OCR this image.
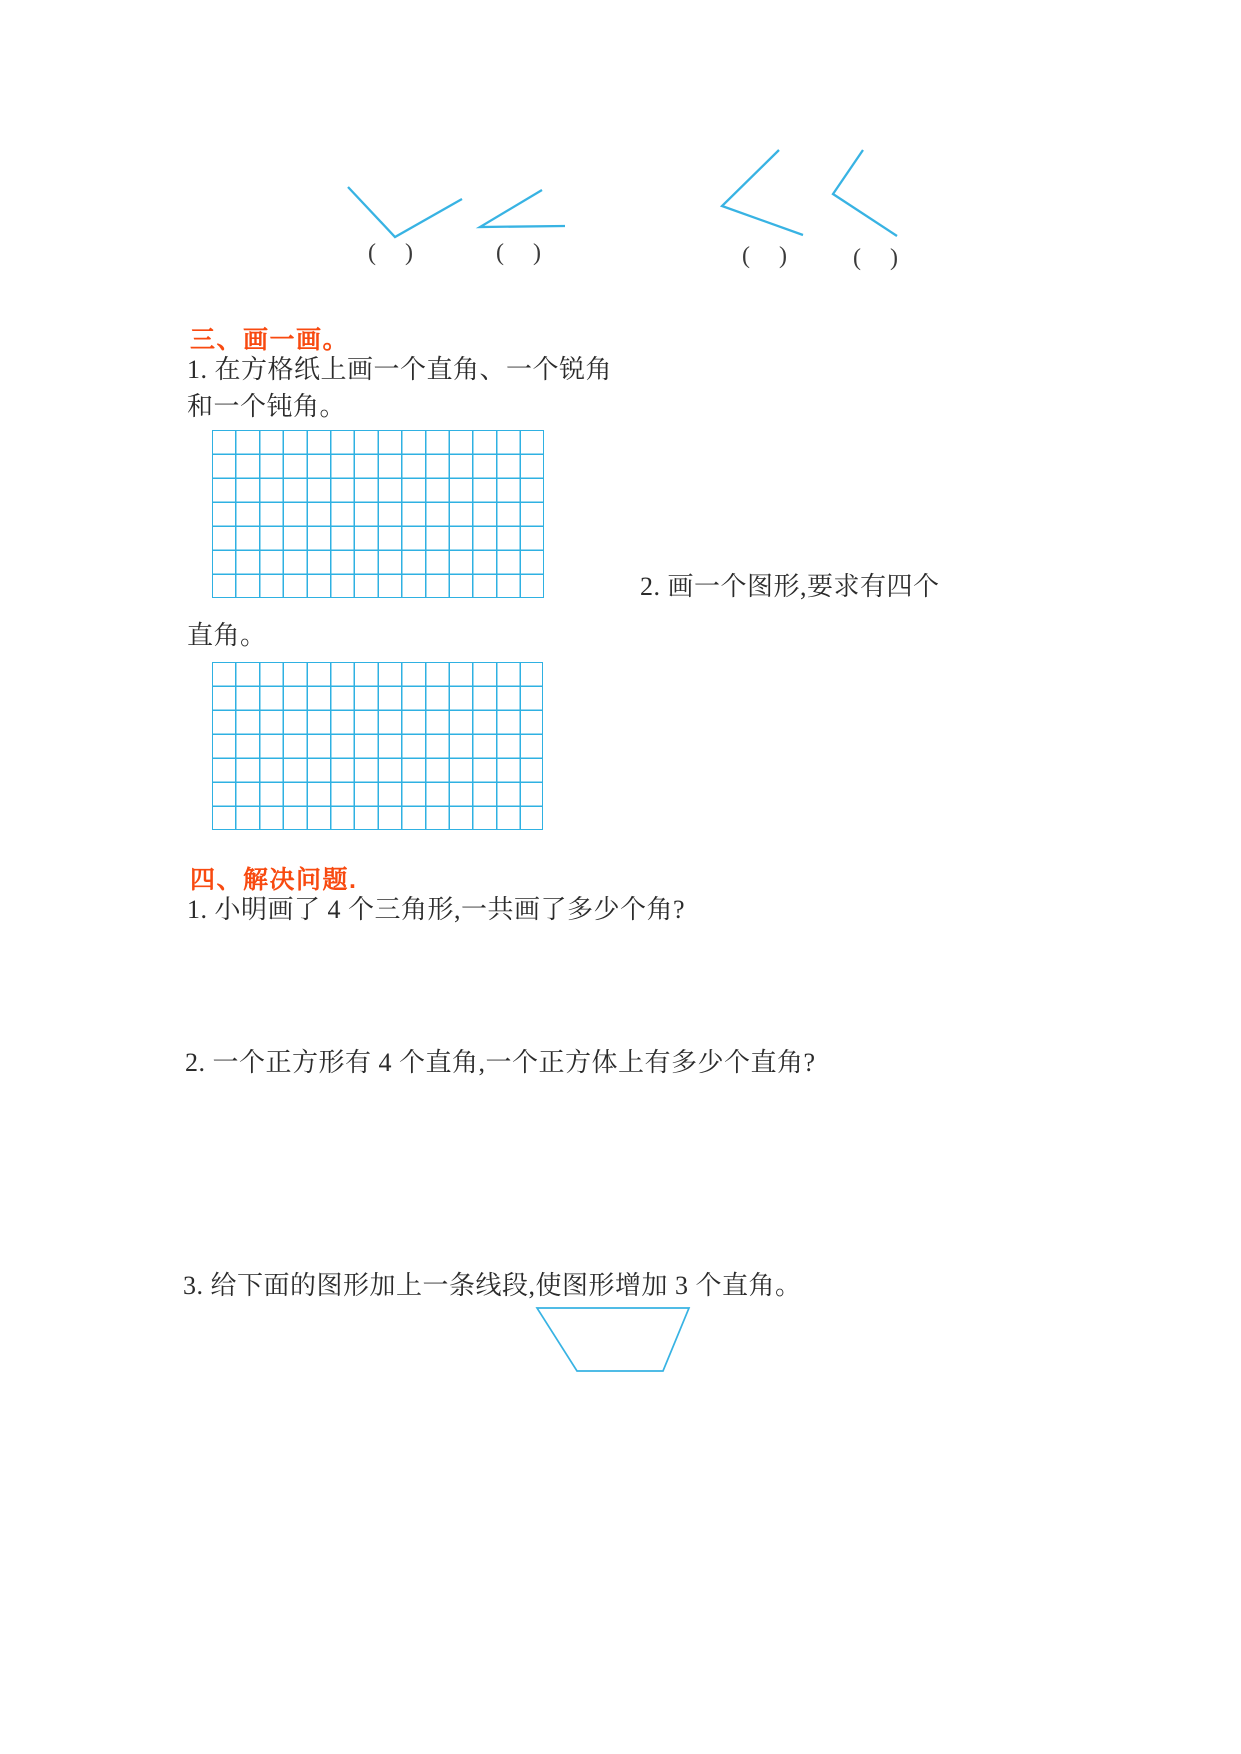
(    )	(    )	(    )	(    )
三、画一画。
1. 在方格纸上画一个直角、一个锐角
和一个钝角。
2. 画一个图形,要求有四个
直角。
四、解决问题.
1. 小明画了 4 个三角形,一共画了多少个角?
2. 一个正方形有 4 个直角,一个正方体上有多少个直角?
3. 给下面的图形加上一条线段,使图形增加 3 个直角。
